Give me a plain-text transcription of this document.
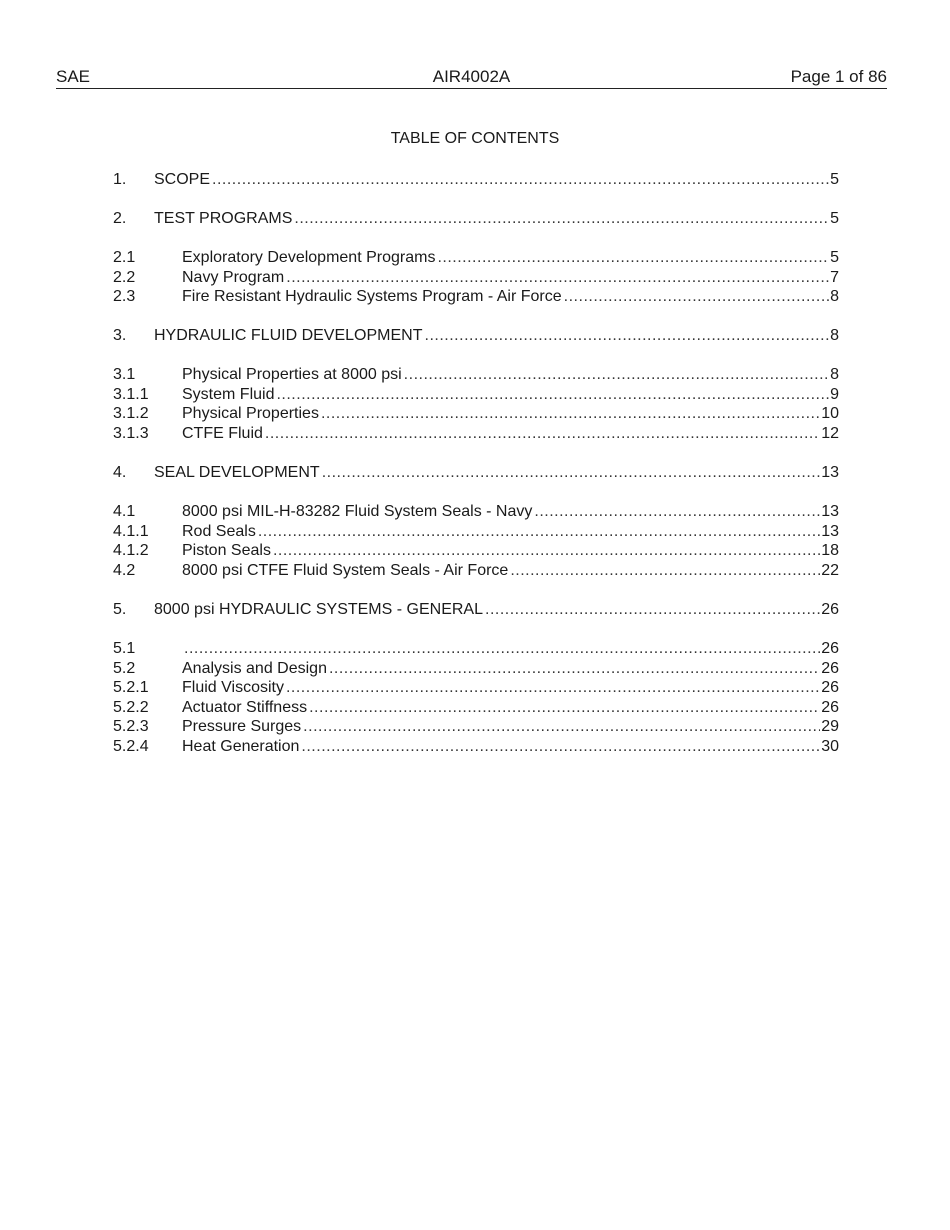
SAE	AIR4002A	Page 1 of 86
TABLE OF CONTENTS
1. SCOPE .....	5
2. TEST PROGRAMS .....	5
2.1	Exploratory Development Programs .....	5
2.2	Navy Program .....	7
2.3	Fire Resistant Hydraulic Systems Program - Air Force .....	8
3. HYDRAULIC FLUID DEVELOPMENT .....	8
3.1	Physical Properties at 8000 psi .....	8
3.1.1 System Fluid .....	9
3.1.2 Physical Properties .....	10
3.1.3 CTFE Fluid .....	12
4. SEAL DEVELOPMENT .....	13
4.1	8000 psi MIL-H-83282 Fluid System Seals - Navy .....	13
4.1.1 Rod Seals .....	13
4.1.2 Piston Seals .....	18
4.2	8000 psi CTFE Fluid System Seals - Air Force .....	22
5. 8000 psi HYDRAULIC SYSTEMS - GENERAL .....	26
5.1 .....	26
5.2	Analysis and Design .....	26
5.2.1 Fluid Viscosity .....	26
5.2.2 Actuator Stiffness .....	26
5.2.3 Pressure Surges .....	29
5.2.4 Heat Generation .....	30
